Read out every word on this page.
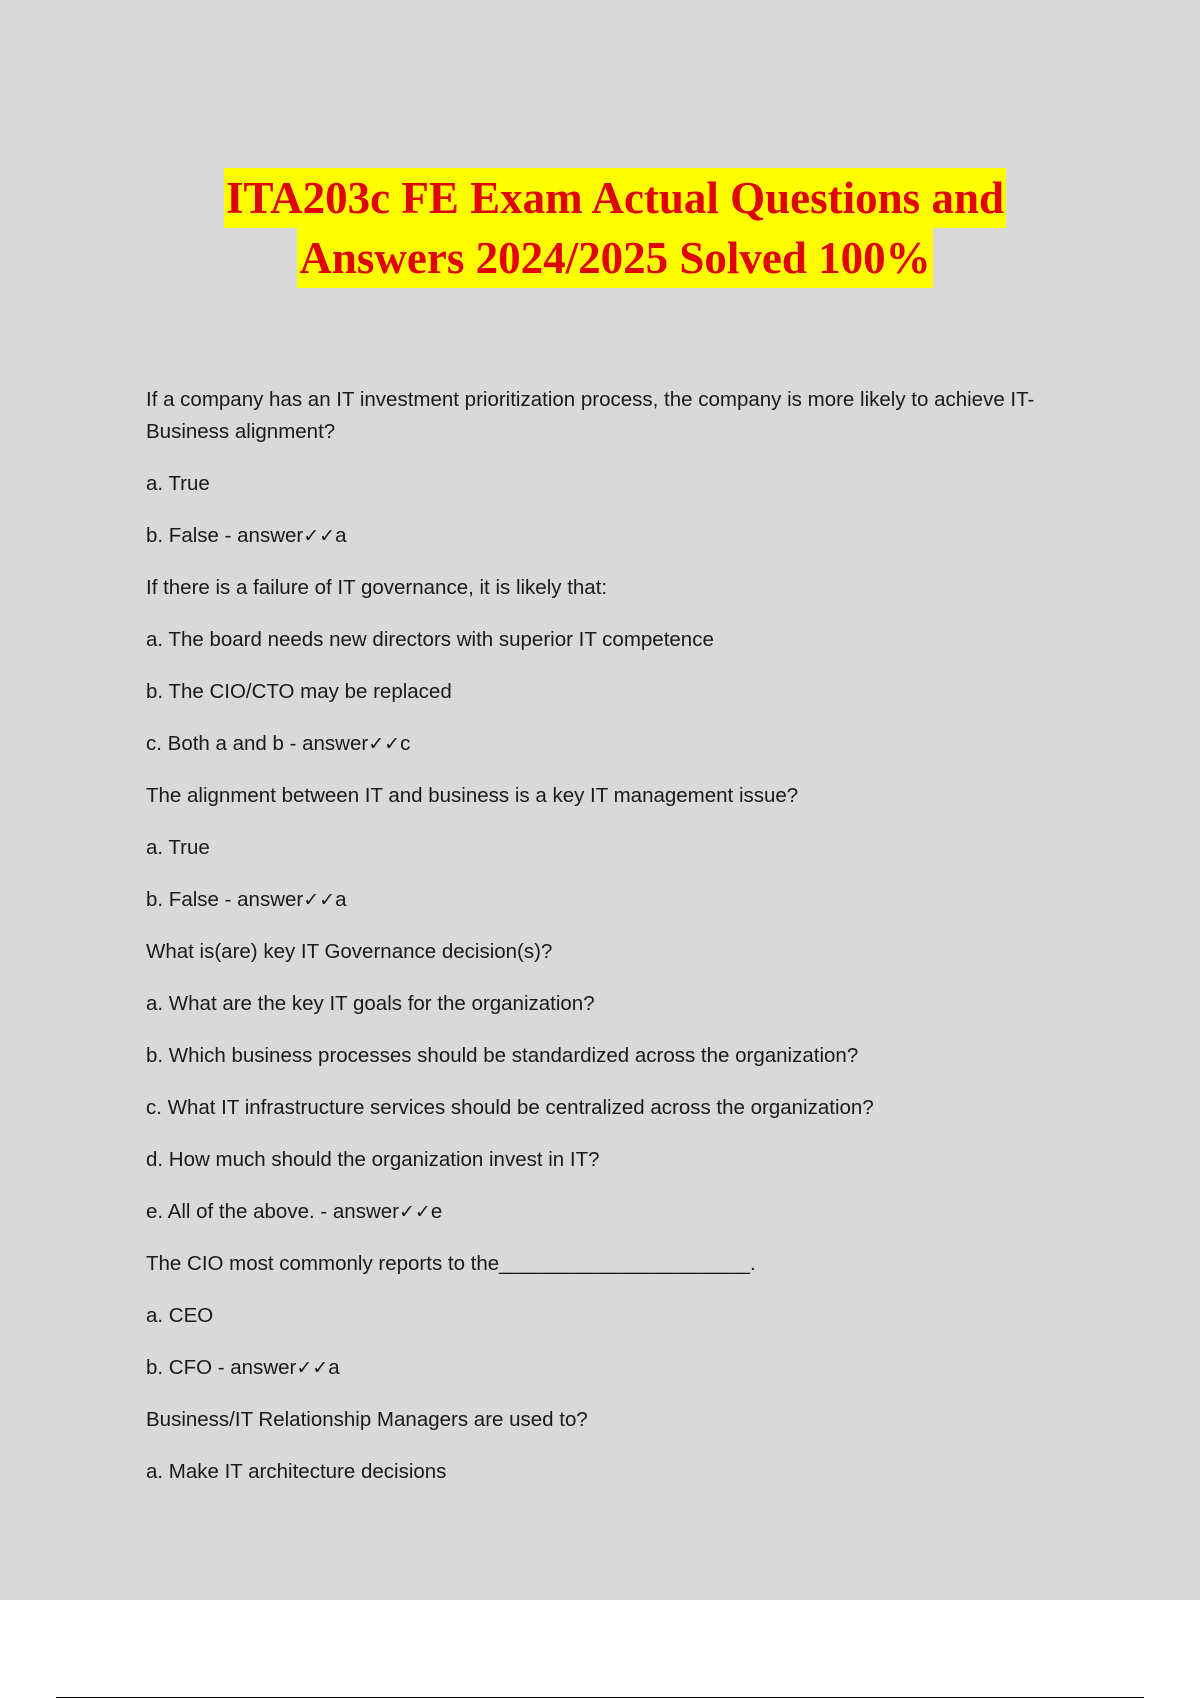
ITA203c FE Exam Actual Questions and
Answers 2024/2025 Solved 100%

If a company has an IT investment prioritization process, the company is more likely to achieve IT- Business alignment?

a. True

b. False - answer✓✓a

If there is a failure of IT governance, it is likely that:

a. The board needs new directors with superior IT competence

b. The CIO/CTO may be replaced

c. Both a and b - answer✓✓c

The alignment between IT and business is a key IT management issue?

a. True

b. False - answer✓✓a

What is(are) key IT Governance decision(s)?

a. What are the key IT goals for the organization?

b. Which business processes should be standardized across the organization?

c. What IT infrastructure services should be centralized across the organization?

d. How much should the organization invest in IT?

e. All of the above. - answer✓✓e

The CIO most commonly reports to the______________________.

a. CEO

b. CFO - answer✓✓a

Business/IT Relationship Managers are used to?

a. Make IT architecture decisions
